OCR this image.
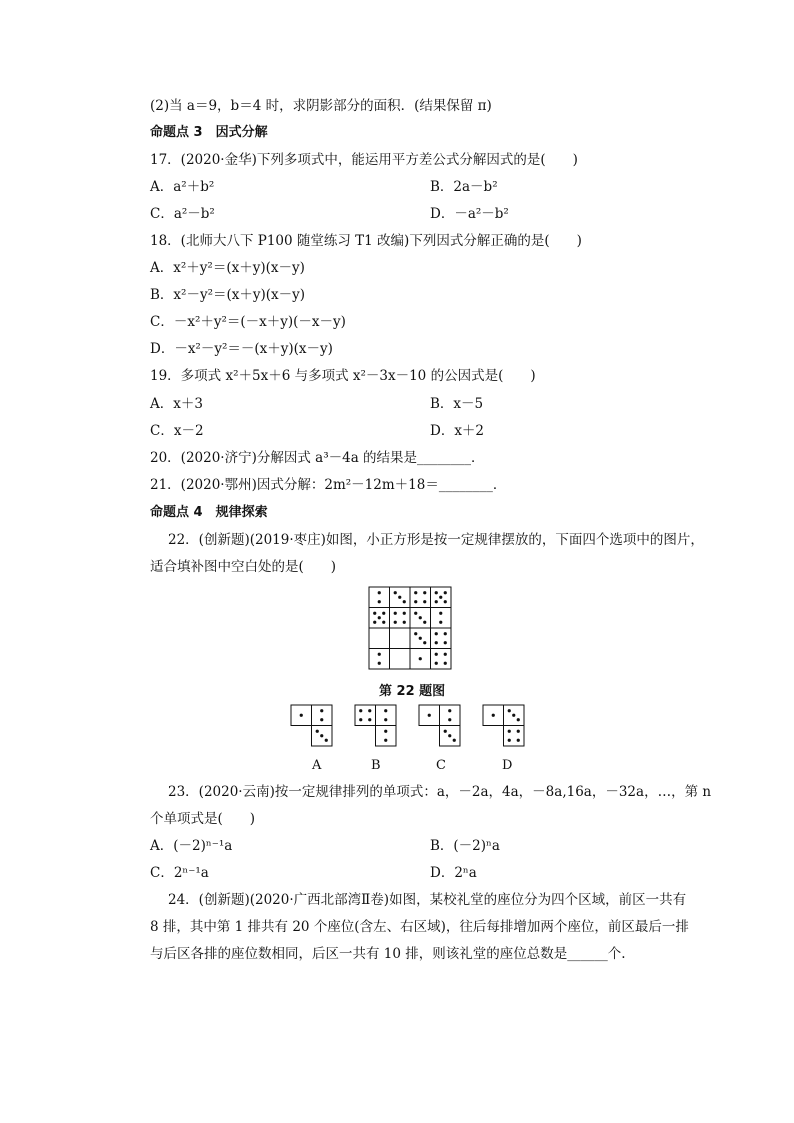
(2)当 a＝9，b＝4 时，求阴影部分的面积．(结果保留 π)
命题点 3　因式分解
17．(2020·金华)下列多项式中，能运用平方差公式分解因式的是(　　)
A．a²＋b²	B．2a－b²
C．a²－b²	D．－a²－b²
18．(北师大八下 P100 随堂练习 T1 改编)下列因式分解正确的是(　　)
A．x²＋y²＝(x＋y)(x－y)
B．x²－y²＝(x＋y)(x－y)
C．－x²＋y²＝(－x＋y)(－x－y)
D．－x²－y²＝－(x＋y)(x－y)
19．多项式 x²＋5x＋6 与多项式 x²－3x－10 的公因式是(　　)
A．x＋3	B．x－5
C．x－2	D．x＋2
20．(2020·济宁)分解因式 a³－4a 的结果是________．
21．(2020·鄂州)因式分解：2m²－12m＋18＝________．
命题点 4　规律探索
22．(创新题)(2019·枣庄)如图，小正方形是按一定规律摆放的，下面四个选项中的图片，
适合填补图中空白处的是(　　)
第 22 题图
A	B	C	D
23．(2020·云南)按一定规律排列的单项式：a，－2a，4a，－8a,16a，－32a，…，第 n
个单项式是(　　)
A．(－2)ⁿ⁻¹a	B．(－2)ⁿa
C．2ⁿ⁻¹a	D．2ⁿa
24．(创新题)(2020·广西北部湾Ⅱ卷)如图，某校礼堂的座位分为四个区域，前区一共有
8 排，其中第 1 排共有 20 个座位(含左、右区域)，往后每排增加两个座位，前区最后一排
与后区各排的座位数相同，后区一共有 10 排，则该礼堂的座位总数是______个.
